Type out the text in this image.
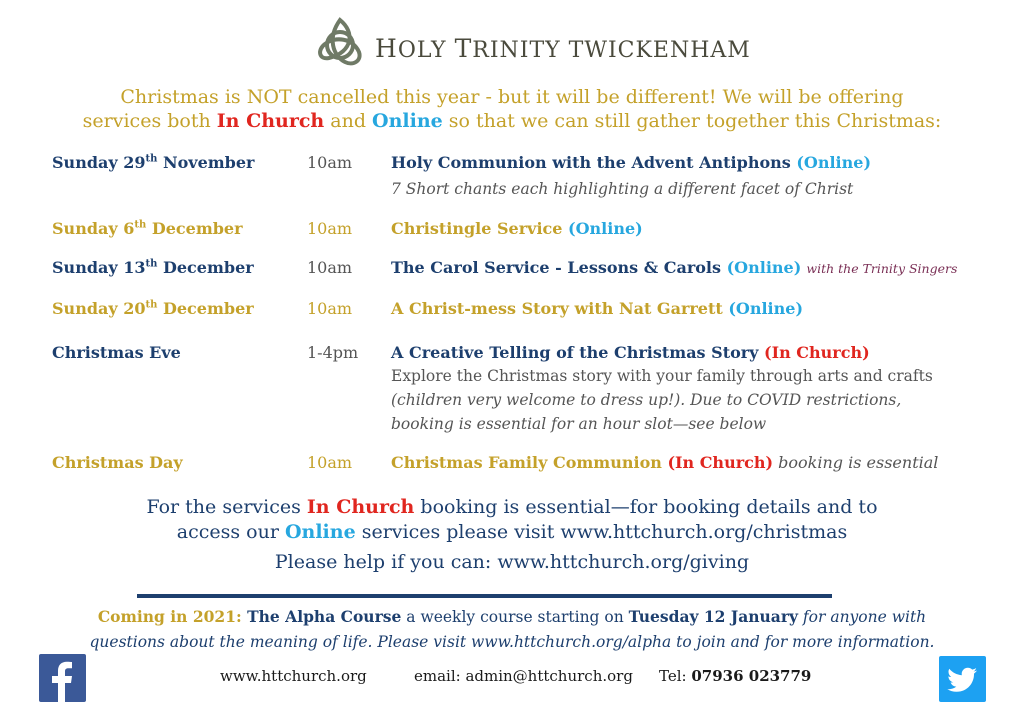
HOLY TRINITY TWICKENHAM
Christmas is NOT cancelled this year - but it will be different! We will be offering
services both In Church and Online so that we can still gather together this Christmas:
Sunday 29th November	10am Holy Communion with the Advent Antiphons (Online)
7 Short chants each highlighting a different facet of Christ
Sunday 6th December	10am Christingle Service (Online)
Sunday 13th December	10am The Carol Service - Lessons & Carols (Online) with the Trinity Singers
Sunday 20th December	10am A Christ-mess Story with Nat Garrett (Online)
Christmas Eve	1-4pm A Creative Telling of the Christmas Story (In Church)
Explore the Christmas story with your family through arts and crafts
(children very welcome to dress up!). Due to COVID restrictions,
booking is essential for an hour slot—see below
Christmas Day	10am Christmas Family Communion (In Church) booking is essential
For the services In Church booking is essential—for booking details and to
access our Online services please visit www.httchurch.org/christmas
Please help if you can: www.httchurch.org/giving
Coming in 2021: The Alpha Course a weekly course starting on Tuesday 12 January for anyone with
questions about the meaning of life. Please visit www.httchurch.org/alpha to join and for more information.
www.httchurch.org	email: admin@httchurch.org Tel: 07936 023779
